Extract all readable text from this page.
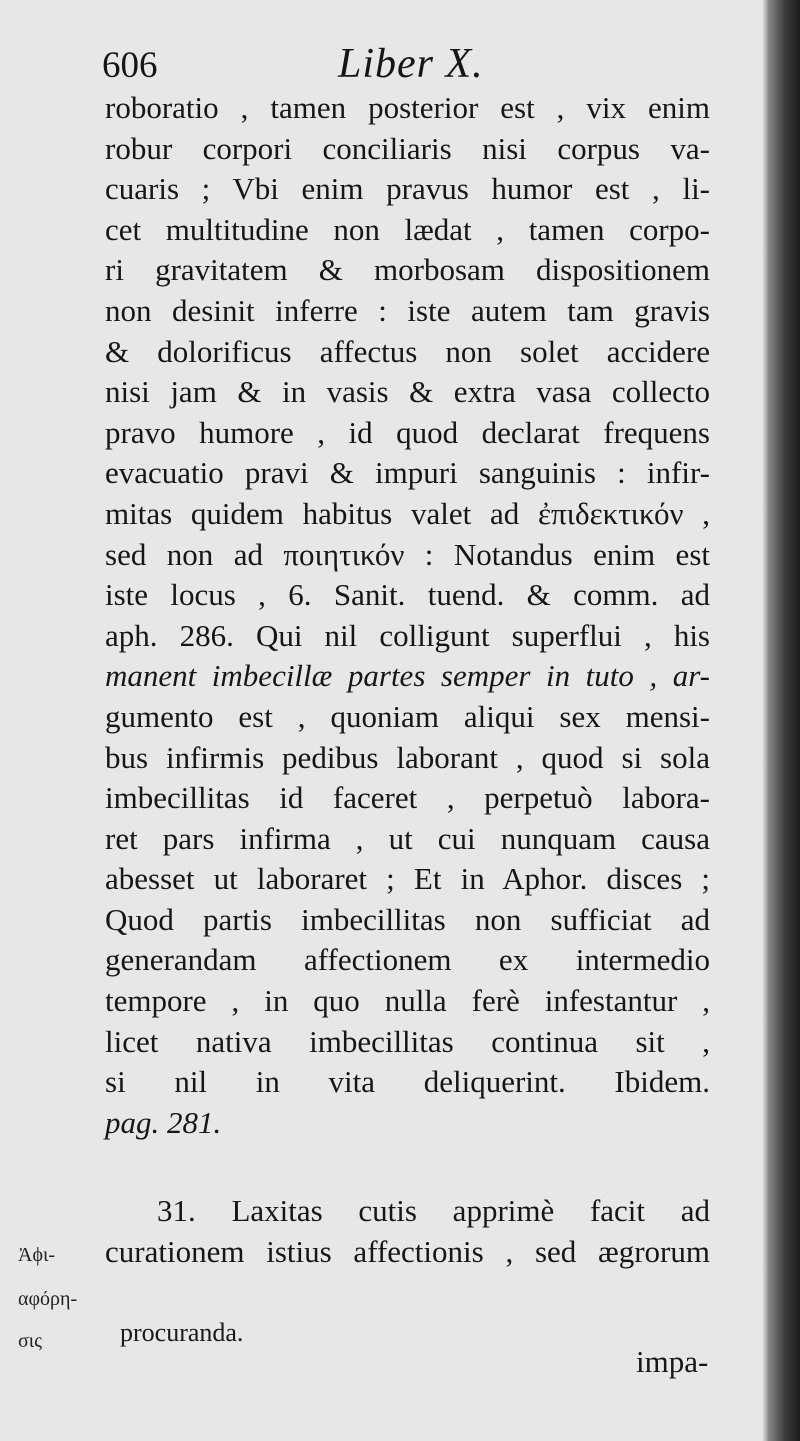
606	Liber X.
roboratio , tamen posterior est , vix enim
robur corpori conciliaris nisi corpus va-
cuaris ; Vbi enim pravus humor est , li-
cet multitudine non lædat , tamen corpo-
ri gravitatem & morbosam dispositionem
non desinit inferre : iste autem tam gravis
& dolorificus affectus non solet accidere
nisi jam & in vasis & extra vasa collecto
pravo humore , id quod declarat frequens
evacuatio pravi & impuri sanguinis : infir-
mitas quidem habitus valet ad ἐπιδεκτικόν ,
sed non ad ποιητικόν : Notandus enim est
iste locus , 6. Sanit. tuend. & comm. ad
aph. 286. Qui nil colligunt superflui , his
manent imbecillæ partes semper in tuto , ar-
gumento est , quoniam aliqui sex mensi-
bus infirmis pedibus laborant , quod si sola
imbecillitas id faceret , perpetuò labora-
ret pars infirma , ut cui nunquam causa
abesset ut laboraret ; Et in Aphor. disces ;
Quod partis imbecillitas non sufficiat ad
generandam affectionem ex intermedio
tempore , in quo nulla ferè infestantur ,
licet nativa imbecillitas continua sit ,
si nil in vita deliquerint. Ibidem.
pag. 281.
31. Laxitas cutis apprimè facit ad
curationem istius affectionis , sed ægrorum
Ἀϕι-
αφόρη-
σις	procuranda.
impa-
